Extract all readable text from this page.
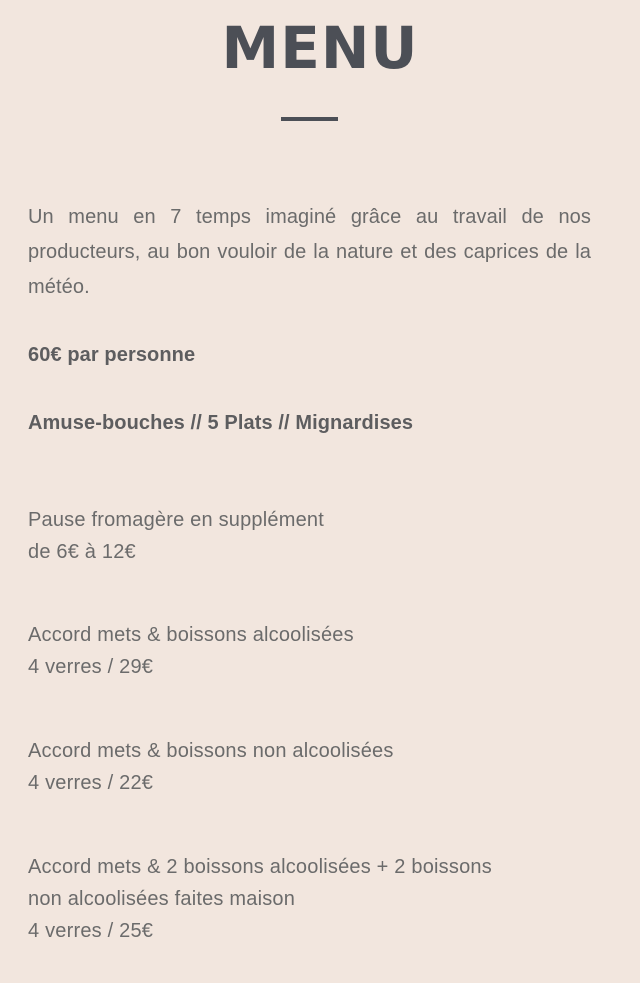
MENU
Un menu en 7 temps imaginé grâce au travail de nos producteurs, au bon vouloir de la nature et des caprices de la météo.
60€ par personne
Amuse-bouches // 5 Plats // Mignardises
Pause fromagère en supplément
de 6€ à 12€
Accord mets & boissons alcoolisées
4 verres / 29€
Accord mets & boissons non alcoolisées
4 verres / 22€
Accord mets & 2 boissons alcoolisées + 2 boissons
non alcoolisées faites maison
4 verres / 25€
